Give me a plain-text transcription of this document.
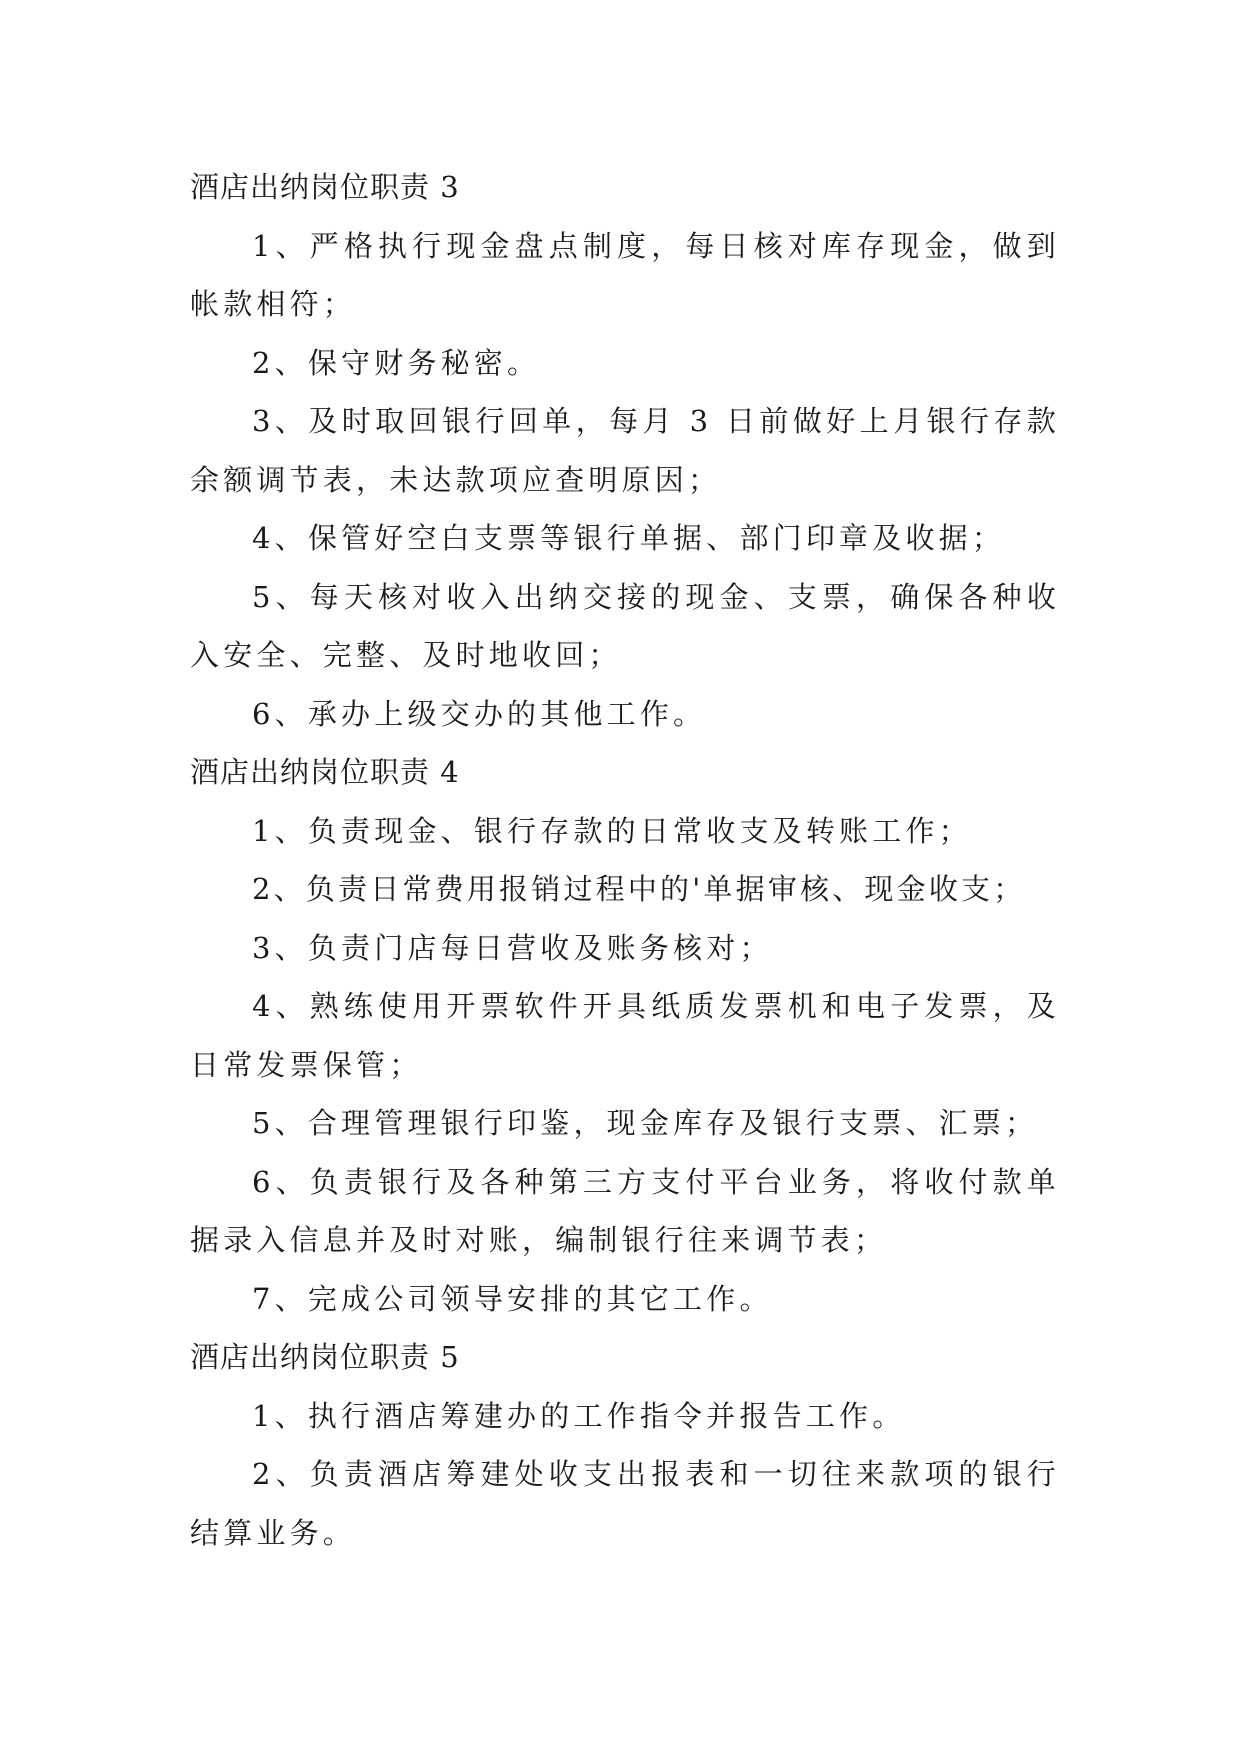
酒店出纳岗位职责 3
1、严格执行现金盘点制度，每日核对库存现金，做到帐款相符；
2、保守财务秘密。
3、及时取回银行回单，每月 3 日前做好上月银行存款余额调节表，未达款项应查明原因；
4、保管好空白支票等银行单据、部门印章及收据；
5、每天核对收入出纳交接的现金、支票，确保各种收入安全、完整、及时地收回；
6、承办上级交办的其他工作。
酒店出纳岗位职责 4
1、负责现金、银行存款的日常收支及转账工作；
2、负责日常费用报销过程中的'单据审核、现金收支；
3、负责门店每日营收及账务核对；
4、熟练使用开票软件开具纸质发票机和电子发票，及日常发票保管；
5、合理管理银行印鉴，现金库存及银行支票、汇票；
6、负责银行及各种第三方支付平台业务，将收付款单据录入信息并及时对账，编制银行往来调节表；
7、完成公司领导安排的其它工作。
酒店出纳岗位职责 5
1、执行酒店筹建办的工作指令并报告工作。
2、负责酒店筹建处收支出报表和一切往来款项的银行结算业务。
